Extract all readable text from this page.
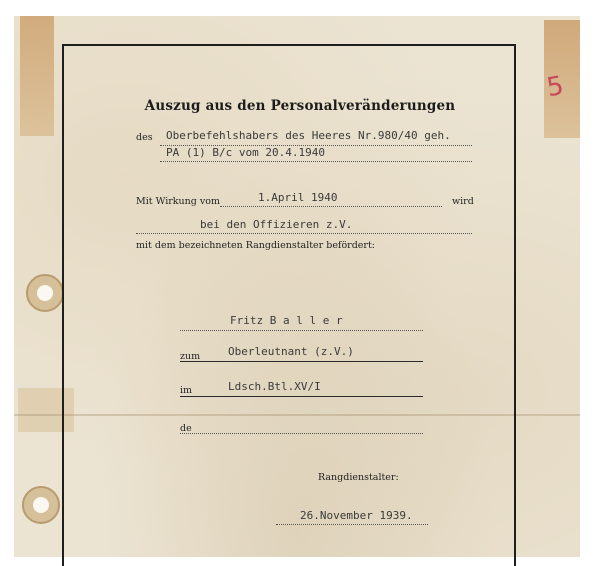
5
Auszug aus den Personalveränderungen
des Oberbefehlshabers des Heeres Nr.980/40 geh.
PA (1) B/c vom 20.4.1940
Mit Wirkung vom	1.April 1940	wird
bei den Offizieren z.V.
mit dem bezeichneten Rangdienstalter befördert:
Fritz B a l l e r
zum	Oberleutnant (z.V.)
im	Ldsch.Btl.XV/I
de
Rangdienstalter:
26.November 1939.
